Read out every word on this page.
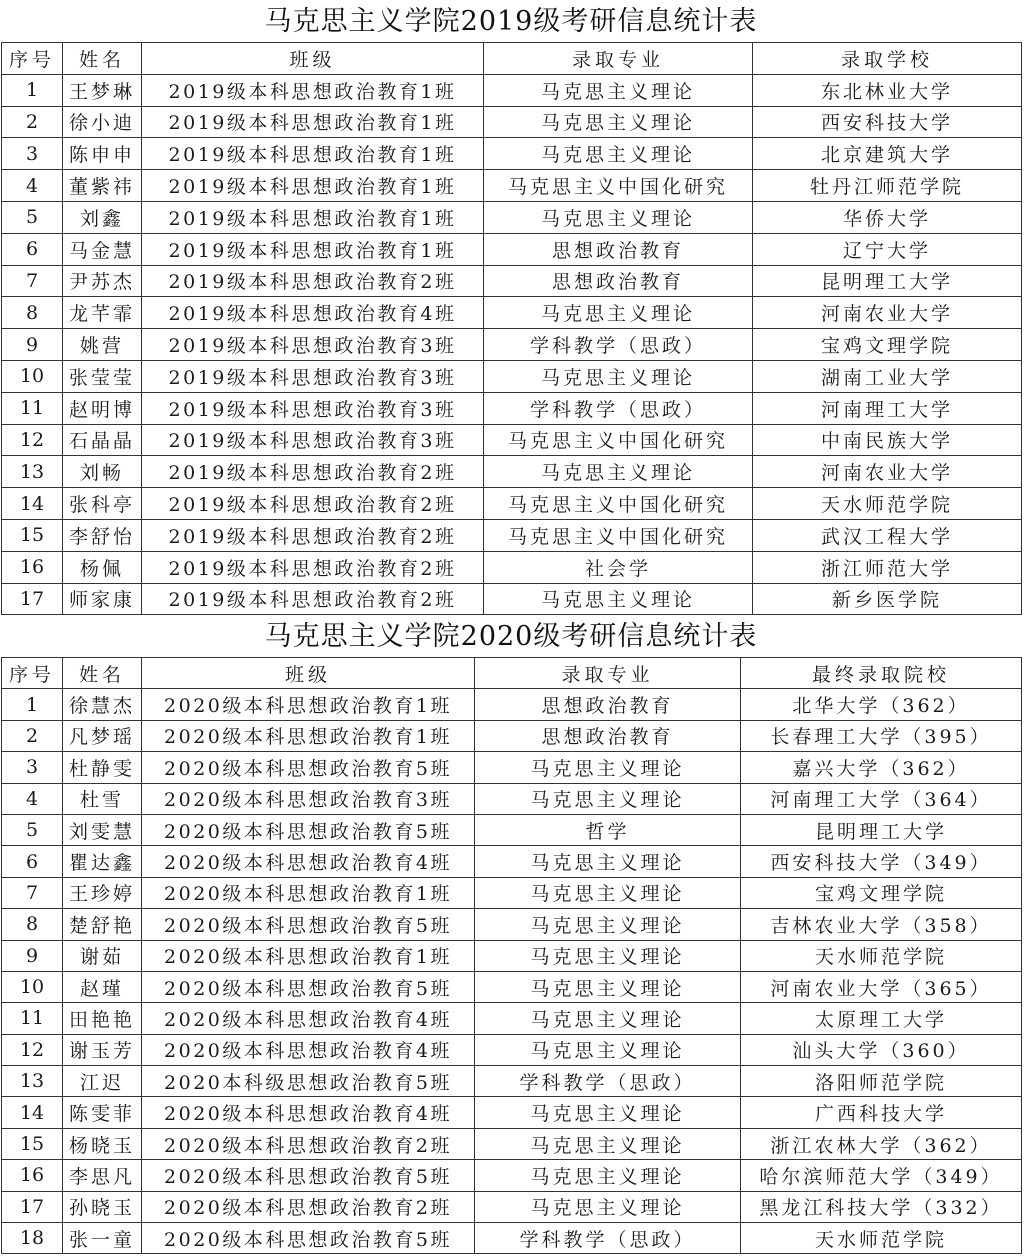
马克思主义学院2019级考研信息统计表
序号	姓名	班级	录取专业	录取学校
1	王梦琳	2019级本科思想政治教育1班	马克思主义理论	东北林业大学
2	徐小迪	2019级本科思想政治教育1班	马克思主义理论	西安科技大学
3	陈申申	2019级本科思想政治教育1班	马克思主义理论	北京建筑大学
4	董紫祎	2019级本科思想政治教育1班	马克思主义中国化研究	牡丹江师范学院
5	刘鑫	2019级本科思想政治教育1班	马克思主义理论	华侨大学
6	马金慧	2019级本科思想政治教育1班	思想政治教育	辽宁大学
7	尹苏杰	2019级本科思想政治教育2班	思想政治教育	昆明理工大学
8	龙芊霏	2019级本科思想政治教育4班	马克思主义理论	河南农业大学
9	姚营	2019级本科思想政治教育3班	学科教学（思政）	宝鸡文理学院
10	张莹莹	2019级本科思想政治教育3班	马克思主义理论	湖南工业大学
11	赵明博	2019级本科思想政治教育3班	学科教学（思政）	河南理工大学
12	石晶晶	2019级本科思想政治教育3班	马克思主义中国化研究	中南民族大学
13	刘畅	2019级本科思想政治教育2班	马克思主义理论	河南农业大学
14	张科亭	2019级本科思想政治教育2班	马克思主义中国化研究	天水师范学院
15	李舒怡	2019级本科思想政治教育2班	马克思主义中国化研究	武汉工程大学
16	杨佩	2019级本科思想政治教育2班	社会学	浙江师范大学
17	师家康	2019级本科思想政治教育2班	马克思主义理论	新乡医学院
马克思主义学院2020级考研信息统计表
序号	姓名	班级	录取专业	最终录取院校
1	徐慧杰	2020级本科思想政治教育1班	思想政治教育	北华大学（362）
2	凡梦瑶	2020级本科思想政治教育1班	思想政治教育	长春理工大学（395）
3	杜静雯	2020级本科思想政治教育5班	马克思主义理论	嘉兴大学（362）
4	杜雪	2020级本科思想政治教育3班	马克思主义理论	河南理工大学（364）
5	刘雯慧	2020级本科思想政治教育5班	哲学	昆明理工大学
6	瞿达鑫	2020级本科思想政治教育4班	马克思主义理论	西安科技大学（349）
7	王珍婷	2020级本科思想政治教育1班	马克思主义理论	宝鸡文理学院
8	楚舒艳	2020级本科思想政治教育5班	马克思主义理论	吉林农业大学（358）
9	谢茹	2020级本科思想政治教育1班	马克思主义理论	天水师范学院
10	赵瑾	2020级本科思想政治教育5班	马克思主义理论	河南农业大学（365）
11	田艳艳	2020级本科思想政治教育4班	马克思主义理论	太原理工大学
12	谢玉芳	2020级本科思想政治教育4班	马克思主义理论	汕头大学（360）
13	江迟	2020本科级思想政治教育5班	学科教学（思政）	洛阳师范学院
14	陈雯菲	2020级本科思想政治教育4班	马克思主义理论	广西科技大学
15	杨晓玉	2020级本科思想政治教育2班	马克思主义理论	浙江农林大学（362）
16	李思凡	2020级本科思想政治教育5班	马克思主义理论	哈尔滨师范大学（349）
17	孙晓玉	2020级本科思想政治教育2班	马克思主义理论	黑龙江科技大学（332）
18	张一童	2020级本科思想政治教育5班	学科教学（思政）	天水师范学院
